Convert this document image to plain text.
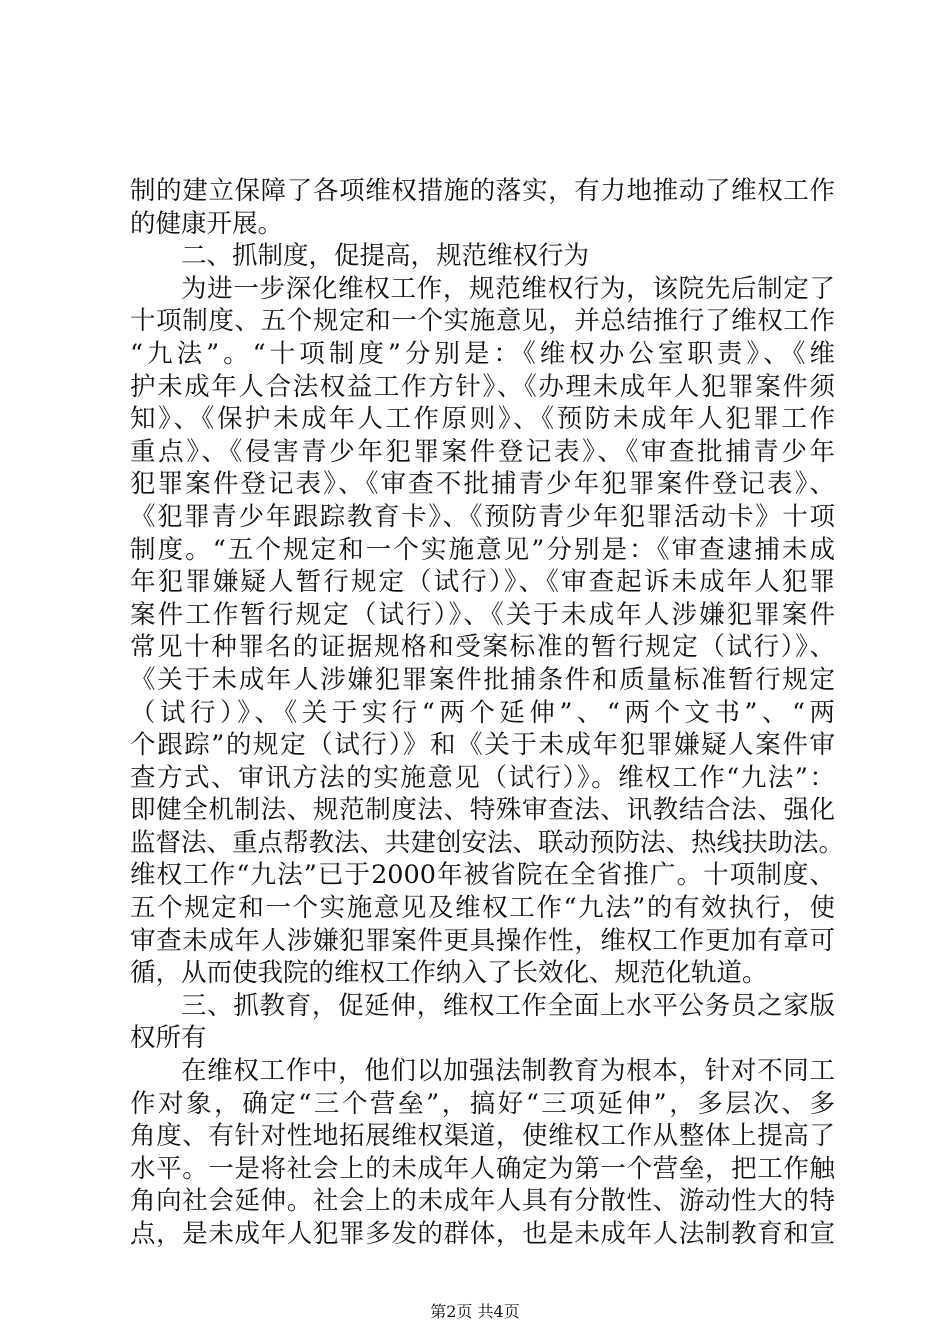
制的建立保障了各项维权措施的落实，有力地推动了维权工作
的健康开展。
二、抓制度，促提高，规范维权行为
为进一步深化维权工作，规范维权行为，该院先后制定了
十项制度、五个规定和一个实施意见，并总结推行了维权工作
“九法”。“十项制度”分别是：《维权办公室职责》、《维
护未成年人合法权益工作方针》、《办理未成年人犯罪案件须
知》、《保护未成年人工作原则》、《预防未成年人犯罪工作
重点》、《侵害青少年犯罪案件登记表》、《审查批捕青少年
犯罪案件登记表》、《审查不批捕青少年犯罪案件登记表》、
《犯罪青少年跟踪教育卡》、《预防青少年犯罪活动卡》十项
制度。“五个规定和一个实施意见”分别是：《审查逮捕未成
年犯罪嫌疑人暂行规定（试行）》、《审查起诉未成年人犯罪
案件工作暂行规定（试行）》、《关于未成年人涉嫌犯罪案件
常见十种罪名的证据规格和受案标准的暂行规定（试行）》、
《关于未成年人涉嫌犯罪案件批捕条件和质量标准暂行规定
（试行）》、《关于实行“两个延伸”、“两个文书”、“两
个跟踪”的规定（试行）》和《关于未成年犯罪嫌疑人案件审
查方式、审讯方法的实施意见（试行）》。维权工作“九法”：
即健全机制法、规范制度法、特殊审查法、讯教结合法、强化
监督法、重点帮教法、共建创安法、联动预防法、热线扶助法。
维权工作“九法”已于2000年被省院在全省推广。十项制度、
五个规定和一个实施意见及维权工作“九法”的有效执行，使
审查未成年人涉嫌犯罪案件更具操作性，维权工作更加有章可
循，从而使我院的维权工作纳入了长效化、规范化轨道。
三、抓教育，促延伸，维权工作全面上水平公务员之家版
权所有
在维权工作中，他们以加强法制教育为根本，针对不同工
作对象，确定“三个营垒”，搞好“三项延伸”，多层次、多
角度、有针对性地拓展维权渠道，使维权工作从整体上提高了
水平。一是将社会上的未成年人确定为第一个营垒，把工作触
角向社会延伸。社会上的未成年人具有分散性、游动性大的特
点，是未成年人犯罪多发的群体，也是未成年人法制教育和宣
第2页 共4页
